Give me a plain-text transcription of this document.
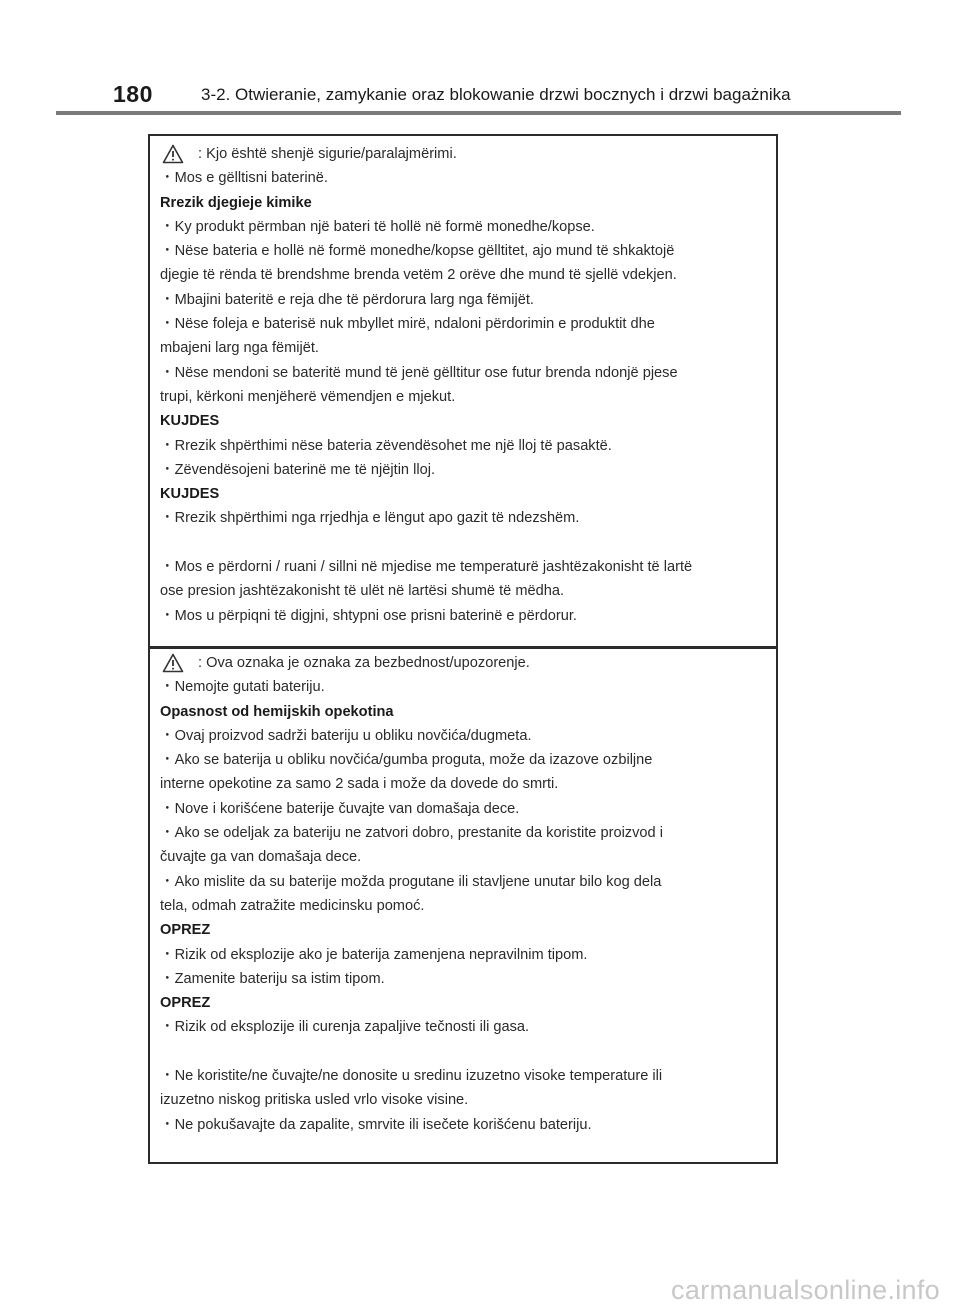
180	3-2. Otwieranie, zamykanie oraz blokowanie drzwi bocznych i drzwi bagażnika
: Kjo është shenjë sigurie/paralajmërimi.
・Mos e gëlltisni baterinë.
Rrezik djegieje kimike
・Ky produkt përmban një bateri të hollë në formë monedhe/kopse.
・Nëse bateria e hollë në formë monedhe/kopse gëlltitet, ajo mund të shkaktojë
djegie të rënda të brendshme brenda vetëm 2 orëve dhe mund të sjellë vdekjen.
・Mbajini bateritë e reja dhe të përdorura larg nga fëmijët.
・Nëse foleja e baterisë nuk mbyllet mirë, ndaloni përdorimin e produktit dhe
mbajeni larg nga fëmijët.
・Nëse mendoni se bateritë mund të jenë gëlltitur ose futur brenda ndonjë pjese
trupi, kërkoni menjëherë vëmendjen e mjekut.
KUJDES
・Rrezik shpërthimi nëse bateria zëvendësohet me një lloj të pasaktë.
・Zëvendësojeni baterinë me të njëjtin lloj.
KUJDES
・Rrezik shpërthimi nga rrjedhja e lëngut apo gazit të ndezshëm.
・Mos e përdorni / ruani / sillni në mjedise me temperaturë jashtëzakonisht të lartë
ose presion jashtëzakonisht të ulët në lartësi shumë të mëdha.
・Mos u përpiqni të digjni, shtypni ose prisni baterinë e përdorur.
: Ova oznaka je oznaka za bezbednost/upozorenje.
・Nemojte gutati bateriju.
Opasnost od hemijskih opekotina
・Ovaj proizvod sadrži bateriju u obliku novčića/dugmeta.
・Ako se baterija u obliku novčića/gumba proguta, može da izazove ozbiljne
interne opekotine za samo 2 sada i može da dovede do smrti.
・Nove i korišćene baterije čuvajte van domašaja dece.
・Ako se odeljak za bateriju ne zatvori dobro, prestanite da koristite proizvod i
čuvajte ga van domašaja dece.
・Ako mislite da su baterije možda progutane ili stavljene unutar bilo kog dela
tela, odmah zatražite medicinsku pomoć.
OPREZ
・Rizik od eksplozije ako je baterija zamenjena nepravilnim tipom.
・Zamenite bateriju sa istim tipom.
OPREZ
・Rizik od eksplozije ili curenja zapaljive tečnosti ili gasa.
・Ne koristite/ne čuvajte/ne donosite u sredinu izuzetno visoke temperature ili
izuzetno niskog pritiska usled vrlo visoke visine.
・Ne pokušavajte da zapalite, smrvite ili isečete korišćenu bateriju.
carmanualsonline.info
